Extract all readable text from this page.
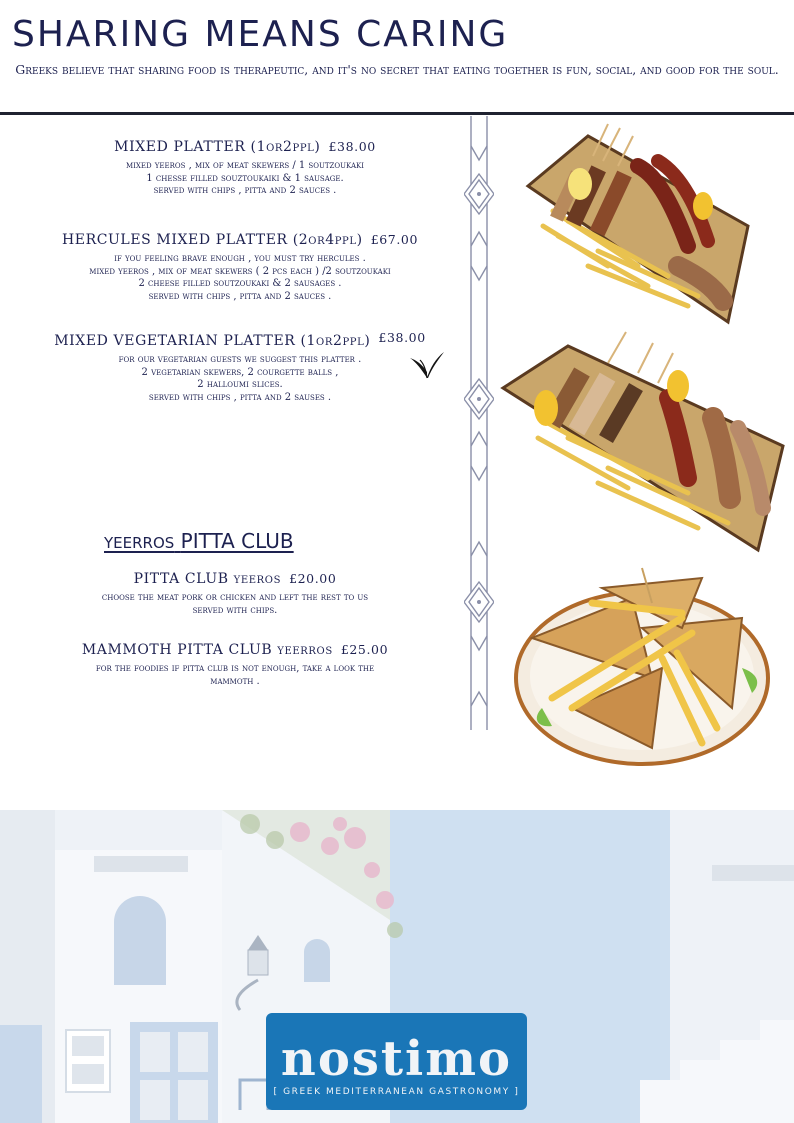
SHARING MEANS CARING
Greeks believe that sharing food is therapeutic, and it's no secret that eating together is fun, social, and good for the soul.
MIXED PLATTER (1or2ppl) £38.00
mixed yeeros , mix of meat skewers / 1 soutzoukaki
1 chesse filled souztoukaiki & 1 sausage.
served with chips , pitta and 2 sauces .
HERCULES MIXED PLATTER (2or4ppl) £67.00
if you feeling brave enough , you must try hercules .
mixed yeeros , mix of meat skewers ( 2 pcs each ) /2 soutzoukaki
2 cheese filled soutzoukaki & 2 sausages .
served with chips , pitta and 2 sauces .
MIXED VEGETARIAN PLATTER (1or2ppl) £38.00
for our vegetarian guests we suggest this platter .
2 vegetarian skewers, 2 courgette balls ,
2 halloumi slices.
served with chips , pitta and 2 sauses .
yeerros PITTA CLUB
PITTA CLUB yeeros £20.00
choose the meat pork or chicken and left the rest to us
served with chips.
MAMMOTH PITTA CLUB yeerros £25.00
for the foodies if pitta club is not enough, take a look the
mammoth .
nostimo
[ GREEK MEDITERRANEAN GASTRONOMY ]
